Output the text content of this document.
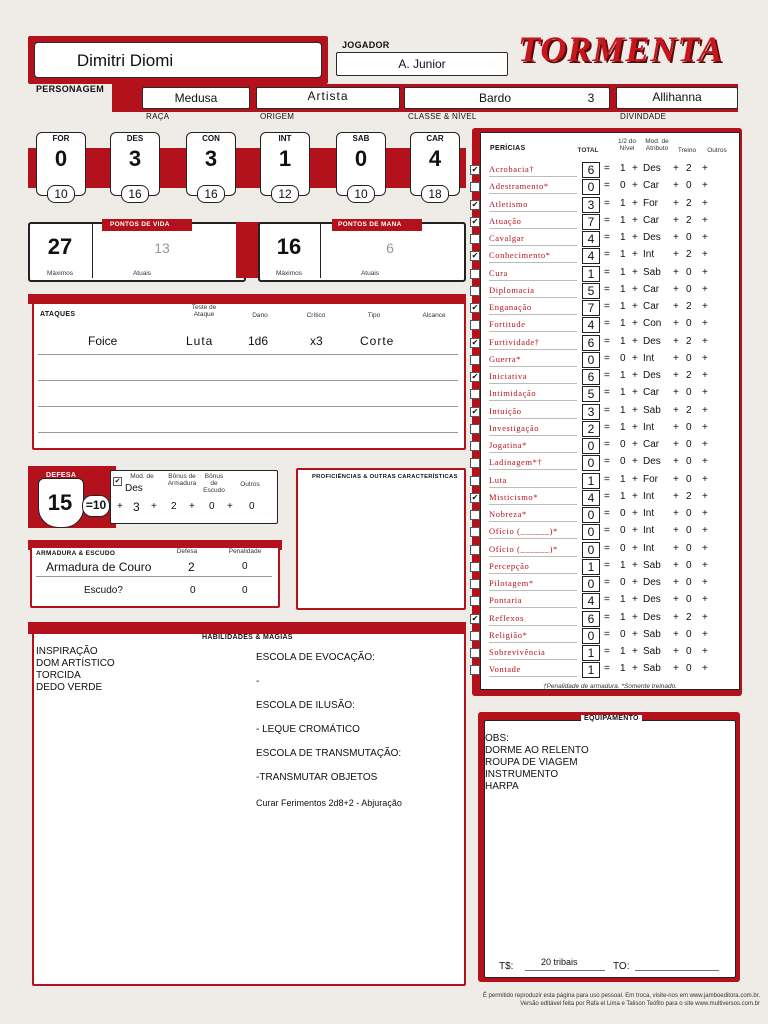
Dimitri Diomi
JOGADOR
A. Junior	TORMENTA
PERSONAGEM
Medusa	Artista	Bardo	3	Allihanna
RAÇA	ORIGEM	CLASSE & NÍVEL	DIVINDADE
FOR
0
10
DES
3
16
CON
3
16
INT
1
12
SAB
0
10
CAR
4
18
PONTOS DE VIDA
27
Máximos
13
Atuais
PONTOS DE MANA
16
Máximos
6
Atuais
ATAQUES
Teste de Ataque	Dano	Crítico	Tipo	Alcance
Foice	Luta	1d6	x3	Corte
DEFESA
15	=10
✔
Mod. de
Des
Bônus de Armadura
Bônus de Escudo
Outros
+ 3 + 2 + 0 + 0
ARMADURA & ESCUDO	Defesa	Penalidade
Armadura de Couro	2	0
Escudo?	0	0
PROFICIÊNCIAS & OUTRAS CARACTERÍSTICAS
HABILIDADES & MAGIAS
INSPIRAÇÃO
DOM ARTÍSTICO
TORCIDA
DEDO VERDE
ESCOLA DE EVOCAÇÃO:
-
ESCOLA DE ILUSÃO:
- LEQUE CROMÁTICO
ESCOLA DE TRANSMUTAÇÃO:
-TRANSMUTAR OBJETOS
Curar Ferimentos 2d8+2 - Abjuração
PERÍCIAS	TOTAL
1/2 do Nível
Mod. de Atributo	Treino	Outros
✔ Acrobacia†	6 = 1 + Des + 2 +
Adestramento*	0 = 0 + Car + 0 +
✔ Atletismo	3 = 1 + For + 2 +
✔ Atuação	7 = 1 + Car + 2 +
Cavalgar	4 = 1 + Des + 0 +
✔ Conhecimento*	4 = 1 + Int + 2 +
Cura	1 = 1 + Sab + 0 +
Diplomacia	5 = 1 + Car + 0 +
✔ Enganação	7 = 1 + Car + 2 +
Fortitude	4 = 1 + Con + 0 +
✔ Furtividade†	6 = 1 + Des + 2 +
Guerra*	0 = 0 + Int + 0 +
✔ Iniciativa	6 = 1 + Des + 2 +
Intimidação	5 = 1 + Car + 0 +
✔ Intuição	3 = 1 + Sab + 2 +
Investigação	2 = 1 + Int + 0 +
Jogatina*	0 = 0 + Car + 0 +
Ladinagem*†	0 = 0 + Des + 0 +
Luta	1 = 1 + For + 0 +
✔ Misticismo*	4 = 1 + Int + 2 +
Nobreza*	0 = 0 + Int + 0 +
Ofício (______)*	0 = 0 + Int + 0 +
Ofício (______)*	0 = 0 + Int + 0 +
Percepção	1 = 1 + Sab + 0 +
Pilotagem*	0 = 0 + Des + 0 +
Pontaria	4 = 1 + Des + 0 +
✔ Reflexos	6 = 1 + Des + 2 +
Religião*	0 = 0 + Sab + 0 +
Sobrevivência	1 = 1 + Sab + 0 +
Vontade	1 = 1 + Sab + 0 +
†Penalidade de armadura. *Somente treinado.
EQUIPAMENTO
OBS:
DORME AO RELENTO
ROUPA DE VIAGEM
INSTRUMENTO
HARPA
T$:	20 tribais	TO:
É permitido reproduzir esta página para uso pessoal. Em troca, visite-nos em www.jamboeditora.com.br.
Versão editável feita por Rafa el Lima e Talison Teófilo para o site www.multiversos.com.br
